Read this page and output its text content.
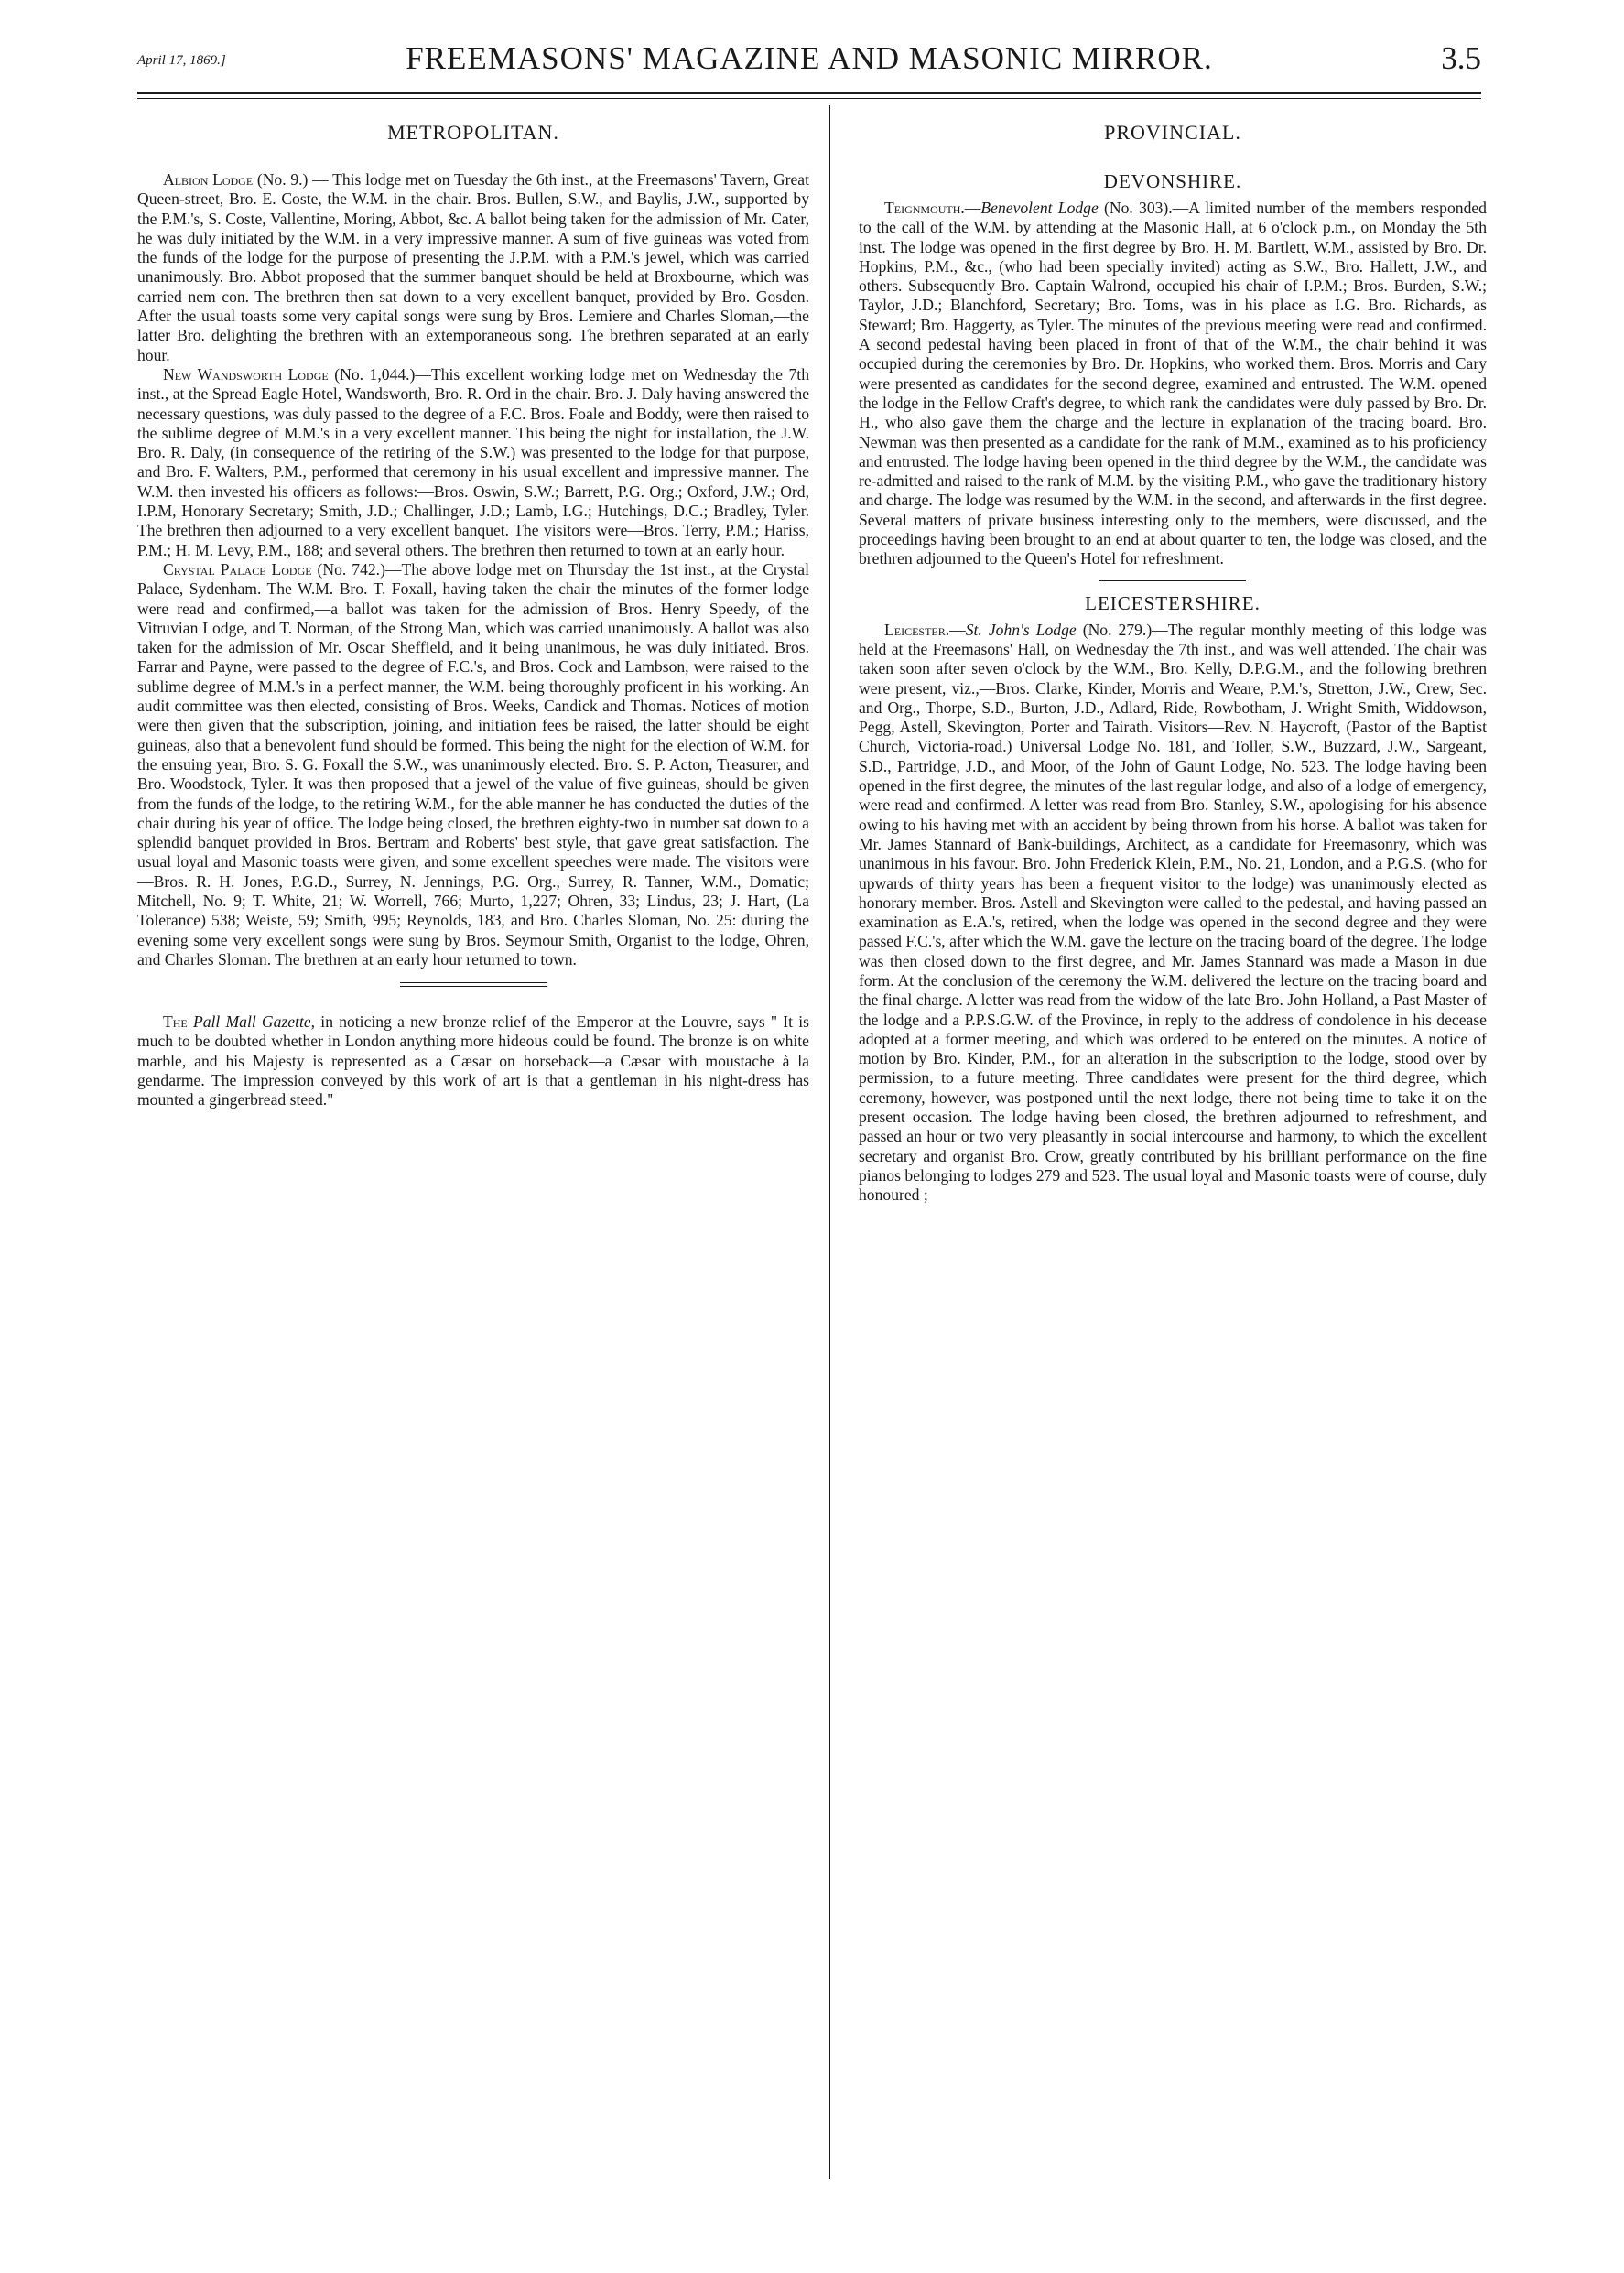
April 17, 1869.]	FREEMASONS' MAGAZINE AND MASONIC MIRROR.	3.5
METROPOLITAN.

Albion Lodge (No. 9.) — This lodge met on Tuesday the 6th inst., at the Freemasons' Tavern, Great Queen-street, Bro. E. Coste, the W.M. in the chair. Bros. Bullen, S.W., and Baylis, J.W., supported by the P.M.'s, S. Coste, Vallentine, Moring, Abbot, &c. A ballot being taken for the admission of Mr. Cater, he was duly initiated by the W.M. in a very impressive manner. A sum of five guineas was voted from the funds of the lodge for the purpose of presenting the J.P.M. with a P.M.'s jewel, which was carried unanimously. Bro. Abbot proposed that the summer banquet should be held at Broxbourne, which was carried nem con. The brethren then sat down to a very excellent banquet, provided by Bro. Gosden. After the usual toasts some very capital songs were sung by Bros. Lemiere and Charles Sloman,—the latter Bro. delighting the brethren with an extemporaneous song. The brethren separated at an early hour.

New Wandsworth Lodge (No. 1,044.)—This excellent working lodge met on Wednesday the 7th inst., at the Spread Eagle Hotel, Wandsworth, Bro. R. Ord in the chair. Bro. J. Daly having answered the necessary questions, was duly passed to the degree of a F.C. Bros. Foale and Boddy, were then raised to the sublime degree of M.M.'s in a very excellent manner. This being the night for installation, the J.W. Bro. R. Daly, (in consequence of the retiring of the S.W.) was presented to the lodge for that purpose, and Bro. F. Walters, P.M., performed that ceremony in his usual excellent and impressive manner. The W.M. then invested his officers as follows:—Bros. Oswin, S.W.; Barrett, P.G. Org.; Oxford, J.W.; Ord, I.P.M, Honorary Secretary; Smith, J.D.; Challinger, J.D.; Lamb, I.G.; Hutchings, D.C.; Bradley, Tyler. The brethren then adjourned to a very excellent banquet. The visitors were—Bros. Terry, P.M.; Hariss, P.M.; H. M. Levy, P.M., 188; and several others. The brethren then returned to town at an early hour.

Crystal Palace Lodge (No. 742.)—The above lodge met on Thursday the 1st inst., at the Crystal Palace, Sydenham. The W.M. Bro. T. Foxall, having taken the chair the minutes of the former lodge were read and confirmed,—a ballot was taken for the admission of Bros. Henry Speedy, of the Vitruvian Lodge, and T. Norman, of the Strong Man, which was carried unanimously. A ballot was also taken for the admission of Mr. Oscar Sheffield, and it being unanimous, he was duly initiated. Bros. Farrar and Payne, were passed to the degree of F.C.'s, and Bros. Cock and Lambson, were raised to the sublime degree of M.M.'s in a perfect manner, the W.M. being thoroughly proficent in his working. An audit committee was then elected, consisting of Bros. Weeks, Candick and Thomas. Notices of motion were then given that the subscription, joining, and initiation fees be raised, the latter should be eight guineas, also that a benevolent fund should be formed. This being the night for the election of W.M. for the ensuing year, Bro. S. G. Foxall the S.W., was unanimously elected. Bro. S. P. Acton, Treasurer, and Bro. Woodstock, Tyler. It was then proposed that a jewel of the value of five guineas, should be given from the funds of the lodge, to the retiring W.M., for the able manner he has conducted the duties of the chair during his year of office. The lodge being closed, the brethren eighty-two in number sat down to a splendid banquet provided in Bros. Bertram and Roberts' best style, that gave great satisfaction. The usual loyal and Masonic toasts were given, and some excellent speeches were made. The visitors were—Bros. R. H. Jones, P.G.D., Surrey, N. Jennings, P.G. Org., Surrey, R. Tanner, W.M., Domatic; Mitchell, No. 9; T. White, 21; W. Worrell, 766; Murto, 1,227; Ohren, 33; Lindus, 23; J. Hart, (La Tolerance) 538; Weiste, 59; Smith, 995; Reynolds, 183, and Bro. Charles Sloman, No. 25: during the evening some very excellent songs were sung by Bros. Seymour Smith, Organist to the lodge, Ohren, and Charles Sloman. The brethren at an early hour returned to town.

The Pall Mall Gazette, in noticing a new bronze relief of the Emperor at the Louvre, says " It is much to be doubted whether in London anything more hideous could be found. The bronze is on white marble, and his Majesty is represented as a Cæsar on horseback—a Cæsar with moustache à la gendarme. The impression conveyed by this work of art is that a gentleman in his night-dress has mounted a gingerbread steed."

PROVINCIAL.
DEVONSHIRE.

Teignmouth.—Benevolent Lodge (No. 303).—A limited number of the members responded to the call of the W.M. by attending at the Masonic Hall, at 6 o'clock p.m., on Monday the 5th inst. The lodge was opened in the first degree by Bro. H. M. Bartlett, W.M., assisted by Bro. Dr. Hopkins, P.M., &c., (who had been specially invited) acting as S.W., Bro. Hallett, J.W., and others. Subsequently Bro. Captain Walrond, occupied his chair of I.P.M.; Bros. Burden, S.W.; Taylor, J.D.; Blanchford, Secretary; Bro. Toms, was in his place as I.G. Bro. Richards, as Steward; Bro. Haggerty, as Tyler. The minutes of the previous meeting were read and confirmed. A second pedestal having been placed in front of that of the W.M., the chair behind it was occupied during the ceremonies by Bro. Dr. Hopkins, who worked them. Bros. Morris and Cary were presented as candidates for the second degree, examined and entrusted. The W.M. opened the lodge in the Fellow Craft's degree, to which rank the candidates were duly passed by Bro. Dr. H., who also gave them the charge and the lecture in explanation of the tracing board. Bro. Newman was then presented as a candidate for the rank of M.M., examined as to his proficiency and entrusted. The lodge having been opened in the third degree by the W.M., the candidate was re-admitted and raised to the rank of M.M. by the visiting P.M., who gave the traditionary history and charge. The lodge was resumed by the W.M. in the second, and afterwards in the first degree. Several matters of private business interesting only to the members, were discussed, and the proceedings having been brought to an end at about quarter to ten, the lodge was closed, and the brethren adjourned to the Queen's Hotel for refreshment.

LEICESTERSHIRE.

Leicester.—St. John's Lodge (No. 279.)—The regular monthly meeting of this lodge was held at the Freemasons' Hall, on Wednesday the 7th inst., and was well attended. The chair was taken soon after seven o'clock by the W.M., Bro. Kelly, D.P.G.M., and the following brethren were present, viz.,—Bros. Clarke, Kinder, Morris and Weare, P.M.'s, Stretton, J.W., Crew, Sec. and Org., Thorpe, S.D., Burton, J.D., Adlard, Ride, Rowbotham, J. Wright Smith, Widdowson, Pegg, Astell, Skevington, Porter and Tairath. Visitors—Rev. N. Haycroft, (Pastor of the Baptist Church, Victoria-road.) Universal Lodge No. 181, and Toller, S.W., Buzzard, J.W., Sargeant, S.D., Partridge, J.D., and Moor, of the John of Gaunt Lodge, No. 523. The lodge having been opened in the first degree, the minutes of the last regular lodge, and also of a lodge of emergency, were read and confirmed. A letter was read from Bro. Stanley, S.W., apologising for his absence owing to his having met with an accident by being thrown from his horse. A ballot was taken for Mr. James Stannard of Bank-buildings, Architect, as a candidate for Freemasonry, which was unanimous in his favour. Bro. John Frederick Klein, P.M., No. 21, London, and a P.G.S. (who for upwards of thirty years has been a frequent visitor to the lodge) was unanimously elected as honorary member. Bros. Astell and Skevington were called to the pedestal, and having passed an examination as E.A.'s, retired, when the lodge was opened in the second degree and they were passed F.C.'s, after which the W.M. gave the lecture on the tracing board of the degree. The lodge was then closed down to the first degree, and Mr. James Stannard was made a Mason in due form. At the conclusion of the ceremony the W.M. delivered the lecture on the tracing board and the final charge. A letter was read from the widow of the late Bro. John Holland, a Past Master of the lodge and a P.P.S.G.W. of the Province, in reply to the address of condolence in his decease adopted at a former meeting, and which was ordered to be entered on the minutes. A notice of motion by Bro. Kinder, P.M., for an alteration in the subscription to the lodge, stood over by permission, to a future meeting. Three candidates were present for the third degree, which ceremony, however, was postponed until the next lodge, there not being time to take it on the present occasion. The lodge having been closed, the brethren adjourned to refreshment, and passed an hour or two very pleasantly in social intercourse and harmony, to which the excellent secretary and organist Bro. Crow, greatly contributed by his brilliant performance on the fine pianos belonging to lodges 279 and 523. The usual loyal and Masonic toasts were of course, duly honoured ;
